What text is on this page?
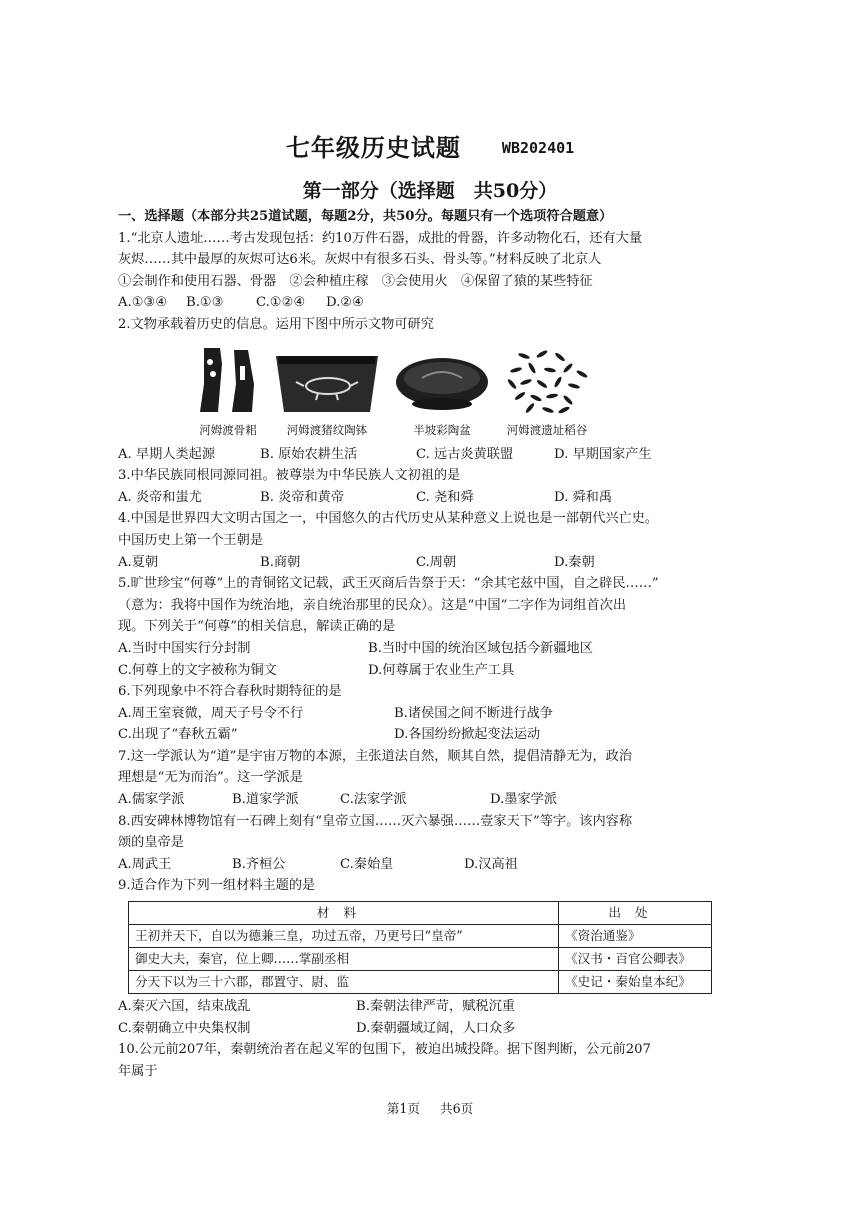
七年级历史试题	WB202401
第一部分（选择题　共50分）
一、选择题（本部分共25道试题，每题2分，共50分。每题只有一个选项符合题意）
1.“北京人遗址……考古发现包括：约10万件石器，成批的骨器，许多动物化石，还有大量
灰烬……其中最厚的灰烬可达6米。灰烬中有很多石头、骨头等。”材料反映了北京人
①会制作和使用石器、骨器　②会种植庄稼　③会使用火　④保留了猿的某些特征
A.①③④	B.①③	C.①②④	D.②④
2.文物承载着历史的信息。运用下图中所示文物可研究
河姆渡骨耜	河姆渡猪纹陶钵	半坡彩陶盆	河姆渡遗址稻谷
A. 早期人类起源	B. 原始农耕生活	C. 远古炎黄联盟	D. 早期国家产生
3.中华民族同根同源同祖。被尊崇为中华民族人文初祖的是
A. 炎帝和蚩尤	B. 炎帝和黄帝	C. 尧和舜	D. 舜和禹
4.中国是世界四大文明古国之一，中国悠久的古代历史从某种意义上说也是一部朝代兴亡史。
中国历史上第一个王朝是
A.夏朝	B.商朝	C.周朝	D.秦朝
5.旷世珍宝“何尊”上的青铜铭文记载，武王灭商后告祭于天：“余其宅兹中国，自之辟民……”
（意为：我将中国作为统治地，亲自统治那里的民众）。这是“中国”二字作为词组首次出
现。下列关于“何尊”的相关信息，解读正确的是
A.当时中国实行分封制	B.当时中国的统治区域包括今新疆地区
C.何尊上的文字被称为铜文	D.何尊属于农业生产工具
6.下列现象中不符合春秋时期特征的是
A.周王室衰微，周天子号令不行	B.诸侯国之间不断进行战争
C.出现了“春秋五霸”	D.各国纷纷掀起变法运动
7.这一学派认为“道”是宇宙万物的本源，主张道法自然，顺其自然，提倡清静无为，政治
理想是“无为而治”。这一学派是
A.儒家学派	B.道家学派	C.法家学派	D.墨家学派
8.西安碑林博物馆有一石碑上刻有“皇帝立国……灭六暴强……壹家天下”等字。该内容称
颂的皇帝是
A.周武王	B.齐桓公	C.秦始皇	D.汉高祖
9.适合作为下列一组材料主题的是
材料	出处
王初并天下，自以为德兼三皇，功过五帝，乃更号曰“皇帝”	《资治通鉴》
御史大夫，秦官，位上卿……掌副丞相	《汉书・百官公卿表》
分天下以为三十六郡，郡置守、尉、监	《史记・秦始皇本纪》
A.秦灭六国，结束战乱	B.秦朝法律严苛，赋税沉重
C.秦朝确立中央集权制	D.秦朝疆域辽阔，人口众多
10.公元前207年，秦朝统治者在起义军的包围下，被迫出城投降。据下图判断，公元前207
年属于
第1页 共6页
